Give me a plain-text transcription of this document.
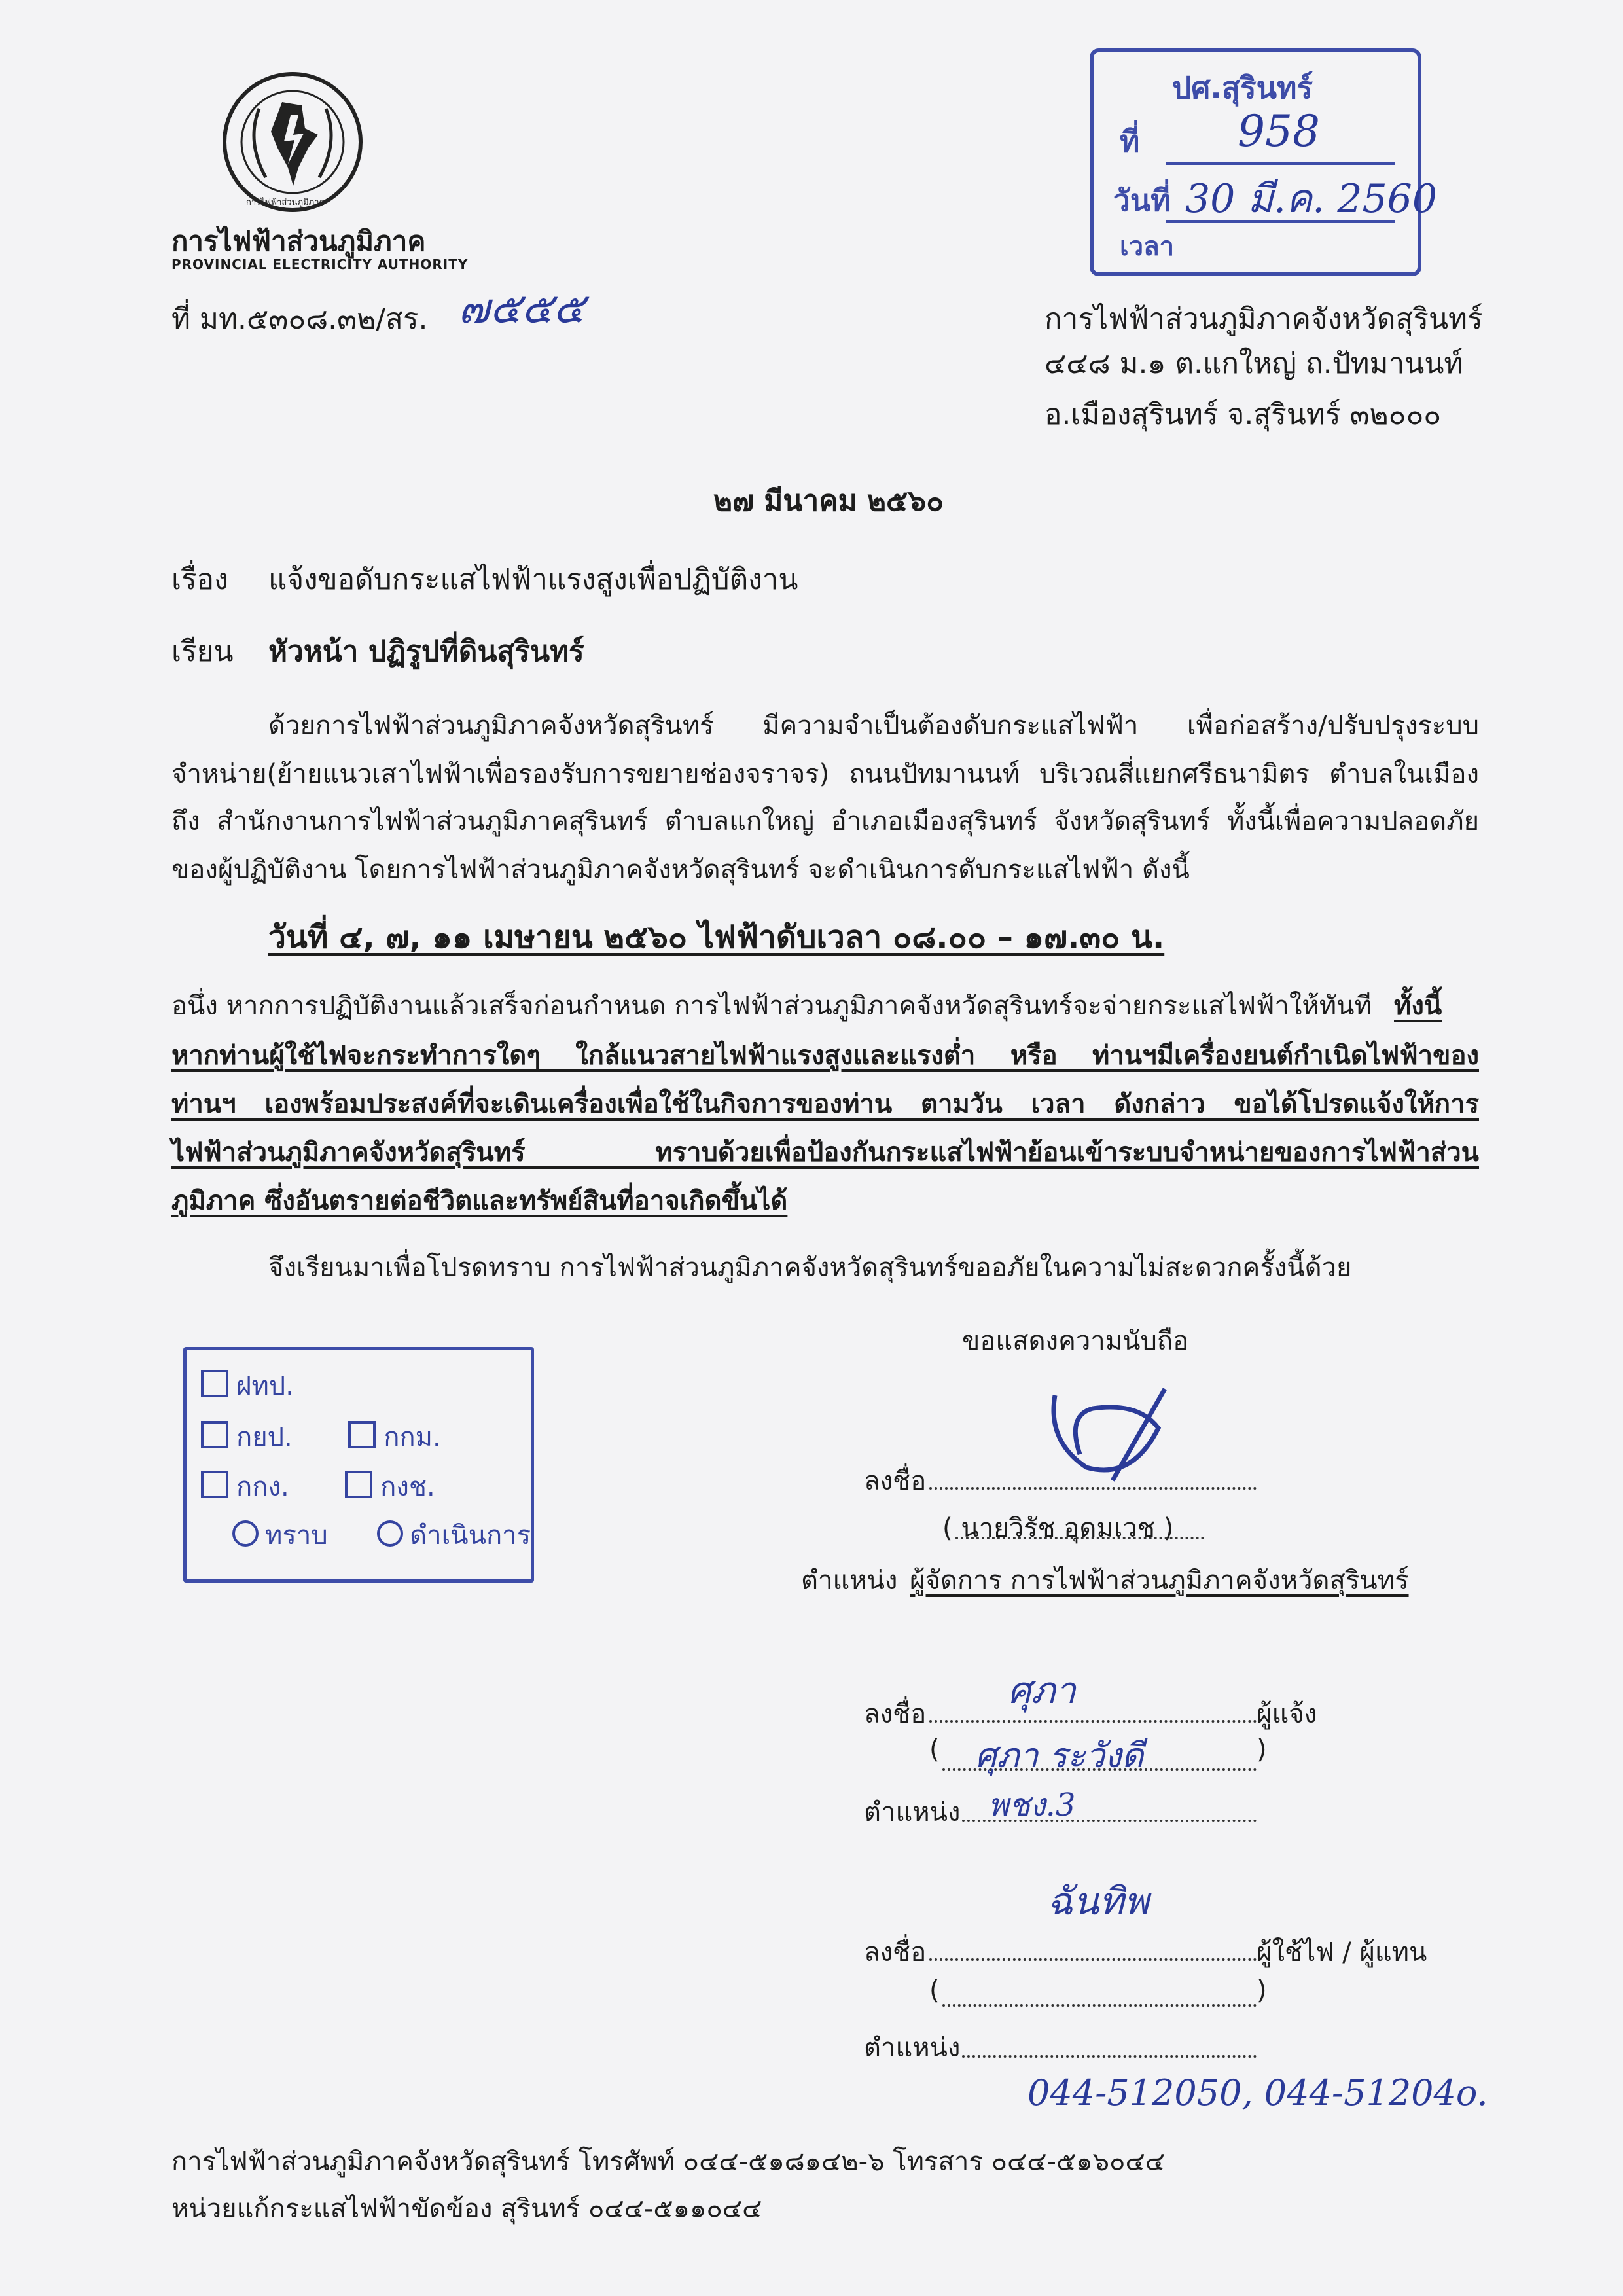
การไฟฟ้าส่วนภูมิภาค
การไฟฟ้าส่วนภูมิภาค
PROVINCIAL ELECTRICITY AUTHORITY
ที่ มท.๕๓๐๘.๓๒/สร. ๗๕๕๕
ปศ.สุรินทร์
ที่ 958
วันที่ 30 มี.ค. 2560
เวลา
การไฟฟ้าส่วนภูมิภาคจังหวัดสุรินทร์
๔๔๘ ม.๑ ต.แกใหญ่ ถ.ปัทมานนท์
อ.เมืองสุรินทร์ จ.สุรินทร์ ๓๒๐๐๐
๒๗ มีนาคม ๒๕๖๐
เรื่อง แจ้งขอดับกระแสไฟฟ้าแรงสูงเพื่อปฏิบัติงาน
เรียน หัวหน้า ปฏิรูปที่ดินสุรินทร์
ด้วยการไฟฟ้าส่วนภูมิภาคจังหวัดสุรินทร์ มีความจำเป็นต้องดับกระแสไฟฟ้า เพื่อก่อสร้าง/ปรับปรุงระบบ
จำหน่าย(ย้ายแนวเสาไฟฟ้าเพื่อรองรับการขยายช่องจราจร) ถนนปัทมานนท์ บริเวณสี่แยกศรีธนามิตร ตำบลในเมือง
ถึง สำนักงานการไฟฟ้าส่วนภูมิภาคสุรินทร์ ตำบลแกใหญ่ อำเภอเมืองสุรินทร์ จังหวัดสุรินทร์ ทั้งนี้เพื่อความปลอดภัย
ของผู้ปฏิบัติงาน โดยการไฟฟ้าส่วนภูมิภาคจังหวัดสุรินทร์ จะดำเนินการดับกระแสไฟฟ้า ดังนี้
วันที่ ๔, ๗, ๑๑ เมษายน ๒๕๖๐ ไฟฟ้าดับเวลา ๐๘.๐๐ – ๑๗.๓๐ น.
อนึ่ง หากการปฏิบัติงานแล้วเสร็จก่อนกำหนด การไฟฟ้าส่วนภูมิภาคจังหวัดสุรินทร์จะจ่ายกระแสไฟฟ้าให้ทันที ทั้งนี้
หากท่านผู้ใช้ไฟจะกระทำการใดๆ ใกล้แนวสายไฟฟ้าแรงสูงและแรงต่ำ หรือ ท่านฯมีเครื่องยนต์กำเนิดไฟฟ้าของ
ท่านฯ เองพร้อมประสงค์ที่จะเดินเครื่องเพื่อใช้ในกิจการของท่าน ตามวัน เวลา ดังกล่าว ขอได้โปรดแจ้งให้การ
ไฟฟ้าส่วนภูมิภาคจังหวัดสุรินทร์ ทราบด้วยเพื่อป้องกันกระแสไฟฟ้าย้อนเข้าระบบจำหน่ายของการไฟฟ้าส่วน
ภูมิภาค ซึ่งอันตรายต่อชีวิตและทรัพย์สินที่อาจเกิดขึ้นได้
จึงเรียนมาเพื่อโปรดทราบ การไฟฟ้าส่วนภูมิภาคจังหวัดสุรินทร์ขออภัยในความไม่สะดวกครั้งนี้ด้วย
ฝทป.
กยป.	กกม.
กกง.	กงช.
ทราบ	ดำเนินการ
ขอแสดงความนับถือ
ลงชื่อ
( นายวิรัช อุดมเวช )
ตำแหน่ง ผู้จัดการ การไฟฟ้าส่วนภูมิภาคจังหวัดสุรินทร์
ศุภา
ลงชื่อ	ผู้แจ้ง
( ศุภา ระวังดี	)
ตำแหน่ง พชง.3
ฉันทิพ
ลงชื่อ	ผู้ใช้ไฟ / ผู้แทน
(	)
ตำแหน่ง
044-512050, 044-51204o.
การไฟฟ้าส่วนภูมิภาคจังหวัดสุรินทร์ โทรศัพท์ ๐๔๔-๕๑๘๑๔๒-๖ โทรสาร ๐๔๔-๕๑๖๐๔๔
หน่วยแก้กระแสไฟฟ้าขัดข้อง สุรินทร์ ๐๔๔-๕๑๑๐๔๔
